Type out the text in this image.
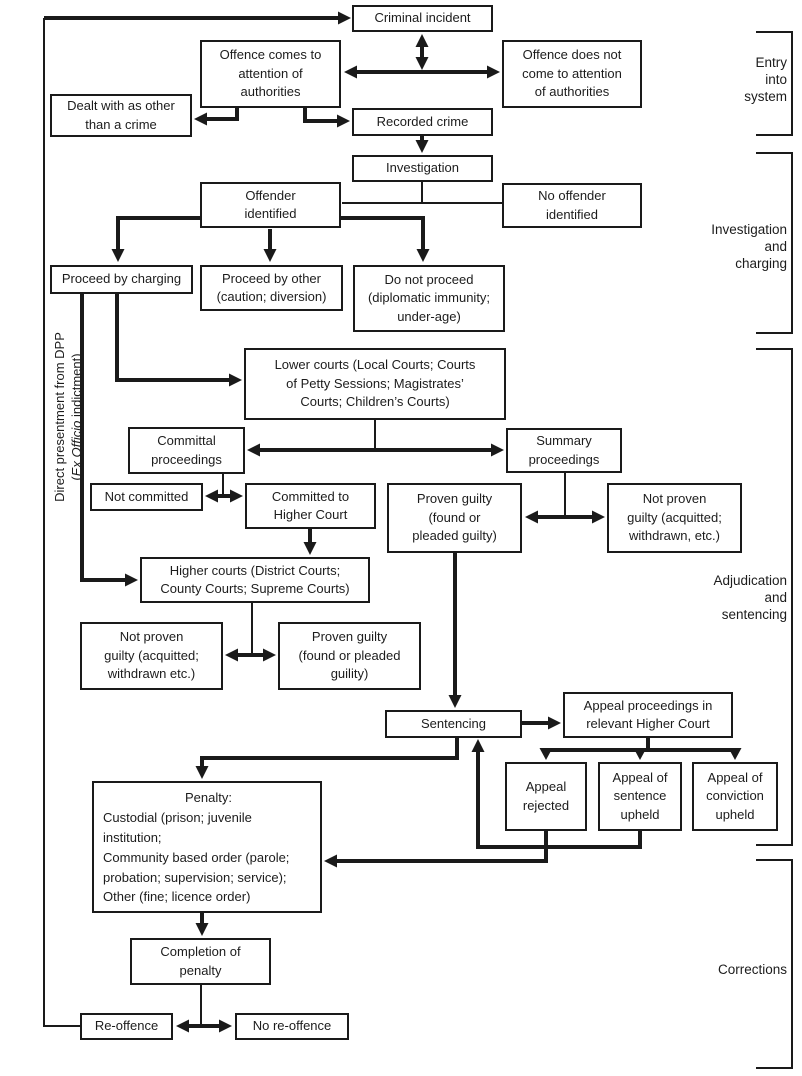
Criminal incident
Offence comes to
attention of
authorities
Offence does not
come to attention
of authorities
Dealt with as other
than a crime	Recorded crime
Investigation
Offender
identified
No offender
identified
Proceed by charging	Proceed by other
(caution; diversion)
Do not proceed
(diplomatic immunity;
under-age)
Lower courts (Local Courts; Courts
of Petty Sessions; Magistrates’
Courts; Children’s Courts)
Committal
proceedings
Summary
proceedings
Not committed	Committed to
Higher Court
Proven guilty
(found or
pleaded guilty)
Not proven
guilty (acquitted;
withdrawn, etc.)
Higher courts (District Courts;
County Courts; Supreme Courts)
Not proven
guilty (acquitted;
withdrawn etc.)
Proven guilty
(found or pleaded
guility)
Sentencing
Appeal proceedings in
relevant Higher Court
Appeal
rejected
Appeal of
sentence
upheld
Appeal of
conviction
upheld
Penalty:
Custodial (prison; juvenile
institution;
Community based order (parole;
probation; supervision; service);
Other (fine; licence order)
Completion of
penalty
Re-offence	No re-offence
Entry
into
system
Investigation
and
charging
Adjudication
and
sentencing
Corrections
Direct presentment from DPP (Ex Officio indictment)
